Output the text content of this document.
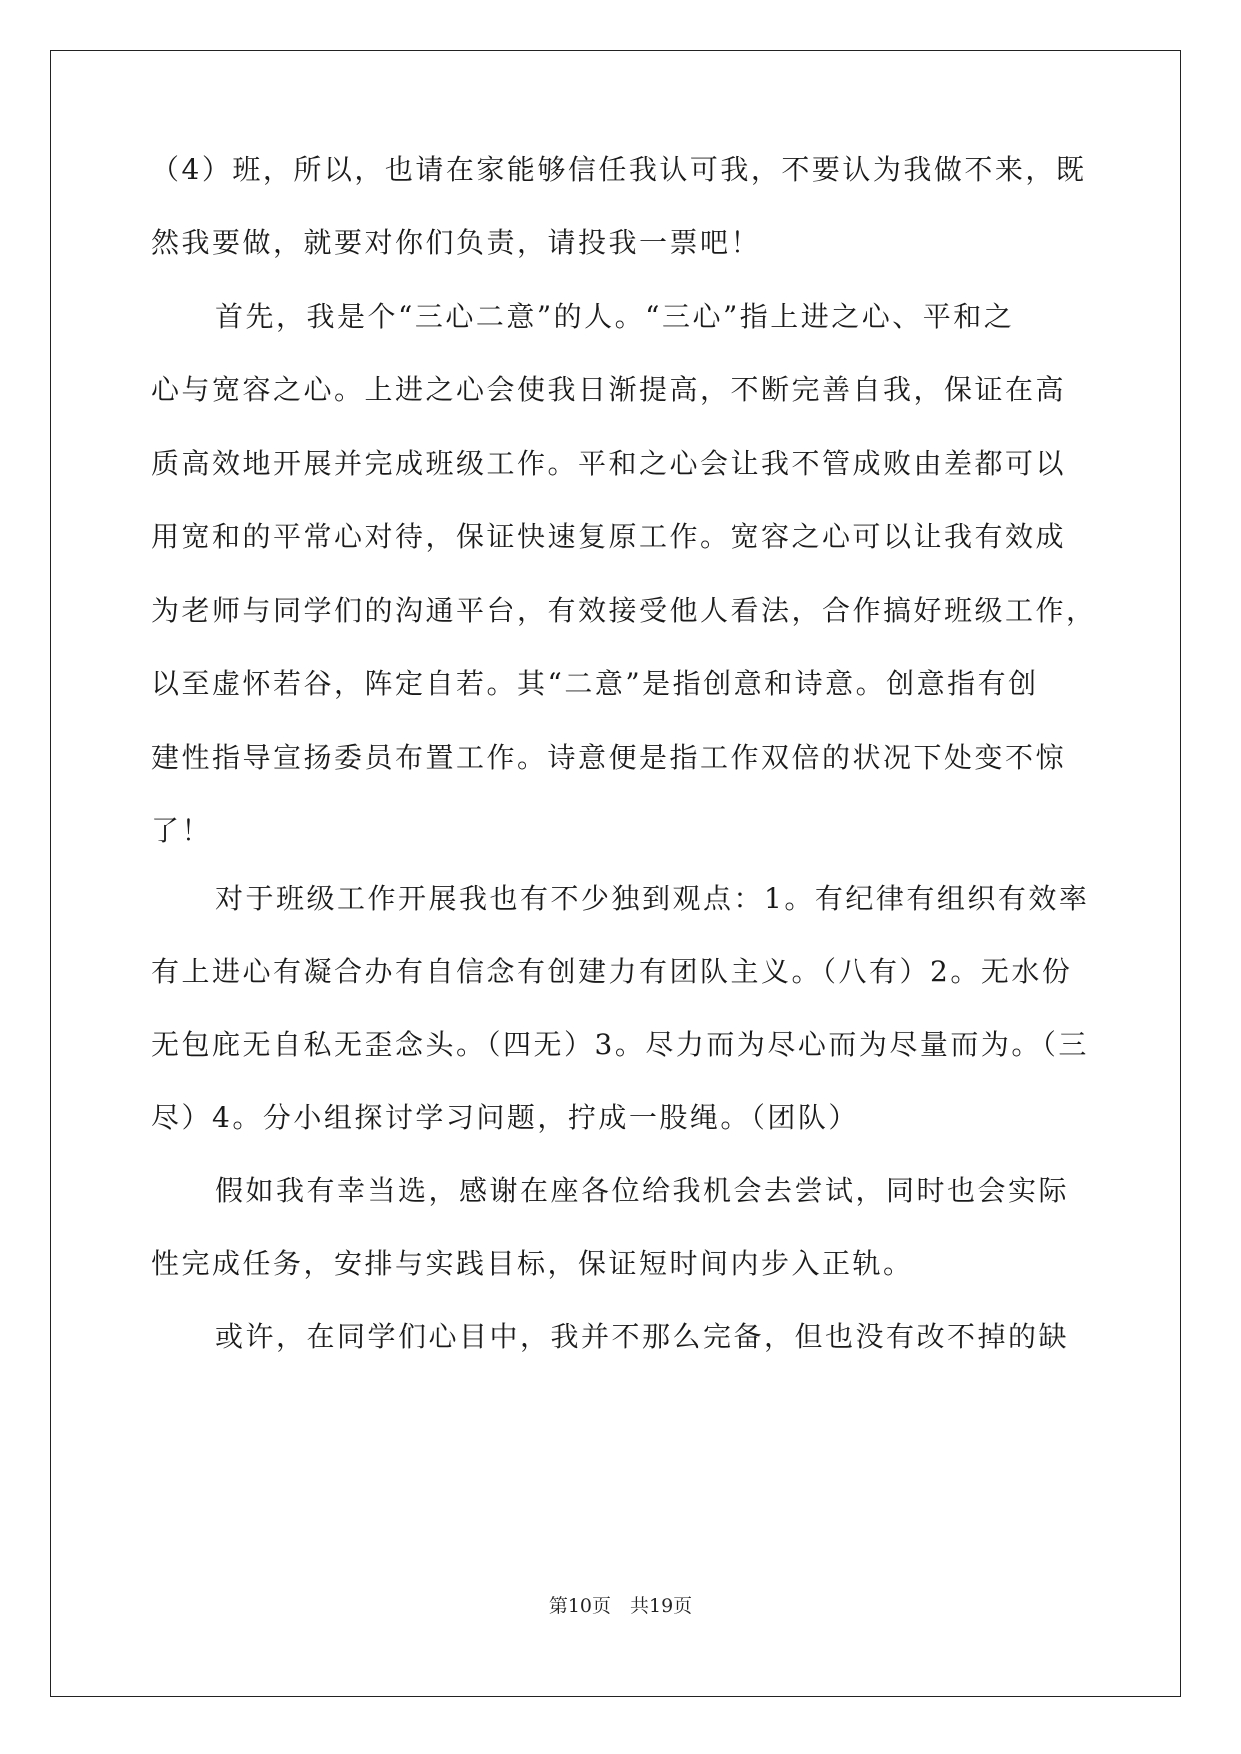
（4）班，所以，也请在家能够信任我认可我，不要认为我做不来，既
然我要做，就要对你们负责，请投我一票吧！
首先，我是个“三心二意”的人。“三心”指上进之心、平和之
心与宽容之心。上进之心会使我日渐提高，不断完善自我，保证在高
质高效地开展并完成班级工作。平和之心会让我不管成败由差都可以
用宽和的平常心对待，保证快速复原工作。宽容之心可以让我有效成
为老师与同学们的沟通平台，有效接受他人看法，合作搞好班级工作，
以至虚怀若谷，阵定自若。其“二意”是指创意和诗意。创意指有创
建性指导宣扬委员布置工作。诗意便是指工作双倍的状况下处变不惊
了！
对于班级工作开展我也有不少独到观点：1。有纪律有组织有效率
有上进心有凝合办有自信念有创建力有团队主义。（八有）2。无水份
无包庇无自私无歪念头。（四无）3。尽力而为尽心而为尽量而为。（三
尽）4。分小组探讨学习问题，拧成一股绳。（团队）
假如我有幸当选，感谢在座各位给我机会去尝试，同时也会实际
性完成任务，安排与实践目标，保证短时间内步入正轨。
或许，在同学们心目中，我并不那么完备，但也没有改不掉的缺
第10页　共19页
